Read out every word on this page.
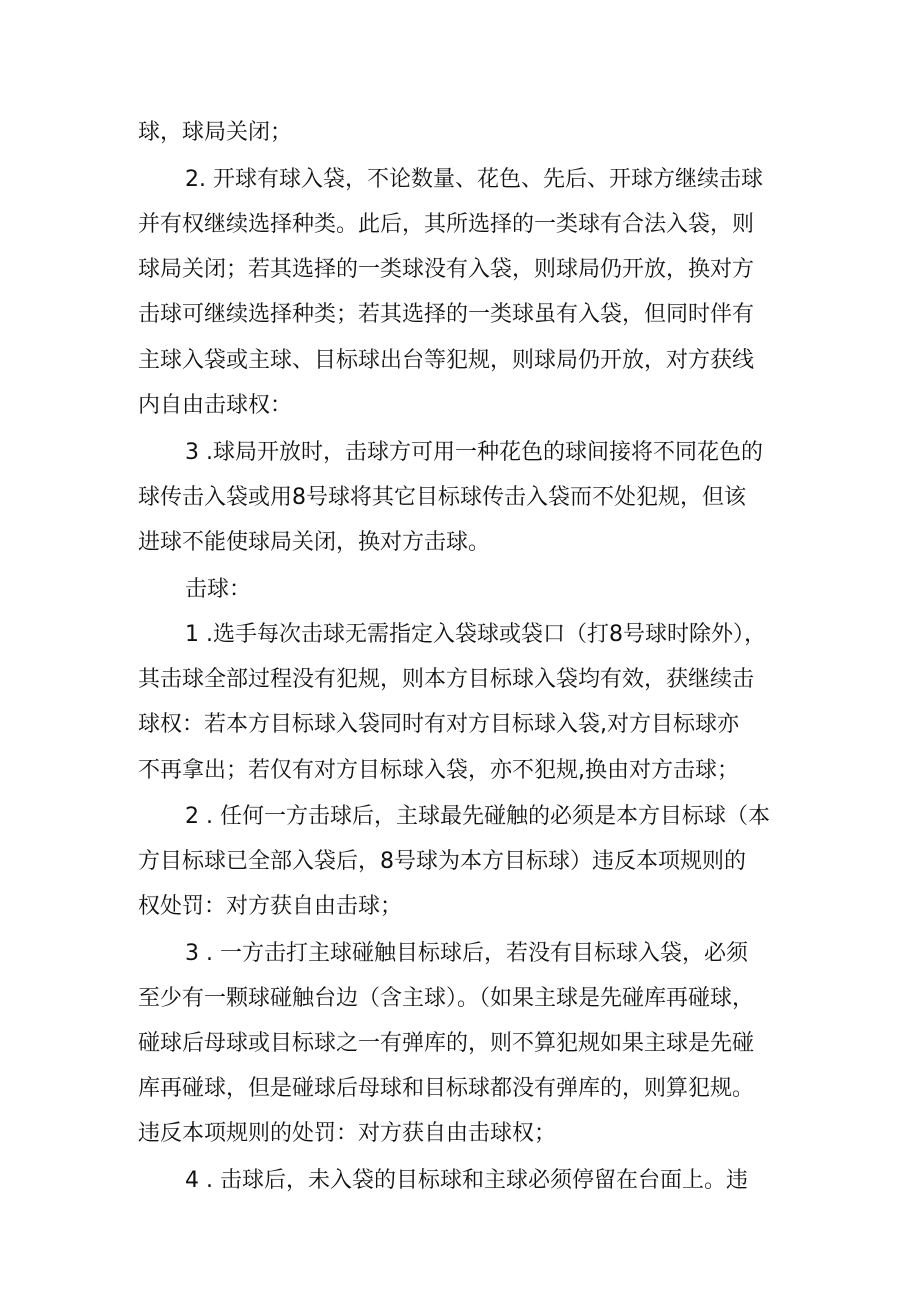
球，球局关闭；
2. 开球有球入袋，不论数量、花色、先后、开球方继续击球
并有权继续选择种类。此后，其所选择的一类球有合法入袋，则
球局关闭；若其选择的一类球没有入袋，则球局仍开放，换对方
击球可继续选择种类；若其选择的一类球虽有入袋，但同时伴有
主球入袋或主球、目标球出台等犯规，则球局仍开放，对方获线
内自由击球权：
3 .球局开放时，击球方可用一种花色的球间接将不同花色的
球传击入袋或用8号球将其它目标球传击入袋而不处犯规，但该
进球不能使球局关闭，换对方击球。
击球：
1 .选手每次击球无需指定入袋球或袋口（打8号球时除外），
其击球全部过程没有犯规，则本方目标球入袋均有效，获继续击
球权：若本方目标球入袋同时有对方目标球入袋,对方目标球亦
不再拿出；若仅有对方目标球入袋，亦不犯规,换由对方击球；
2 . 任何一方击球后，主球最先碰触的必须是本方目标球（本
方目标球已全部入袋后，8号球为本方目标球）违反本项规则的
权处罚：对方获自由击球；
3 . 一方击打主球碰触目标球后，若没有目标球入袋，必须
至少有一颗球碰触台边（含主球）。（如果主球是先碰库再碰球，
碰球后母球或目标球之一有弹库的，则不算犯规如果主球是先碰
库再碰球，但是碰球后母球和目标球都没有弹库的，则算犯规。
违反本项规则的处罚：对方获自由击球权；
4 . 击球后，未入袋的目标球和主球必须停留在台面上。违
